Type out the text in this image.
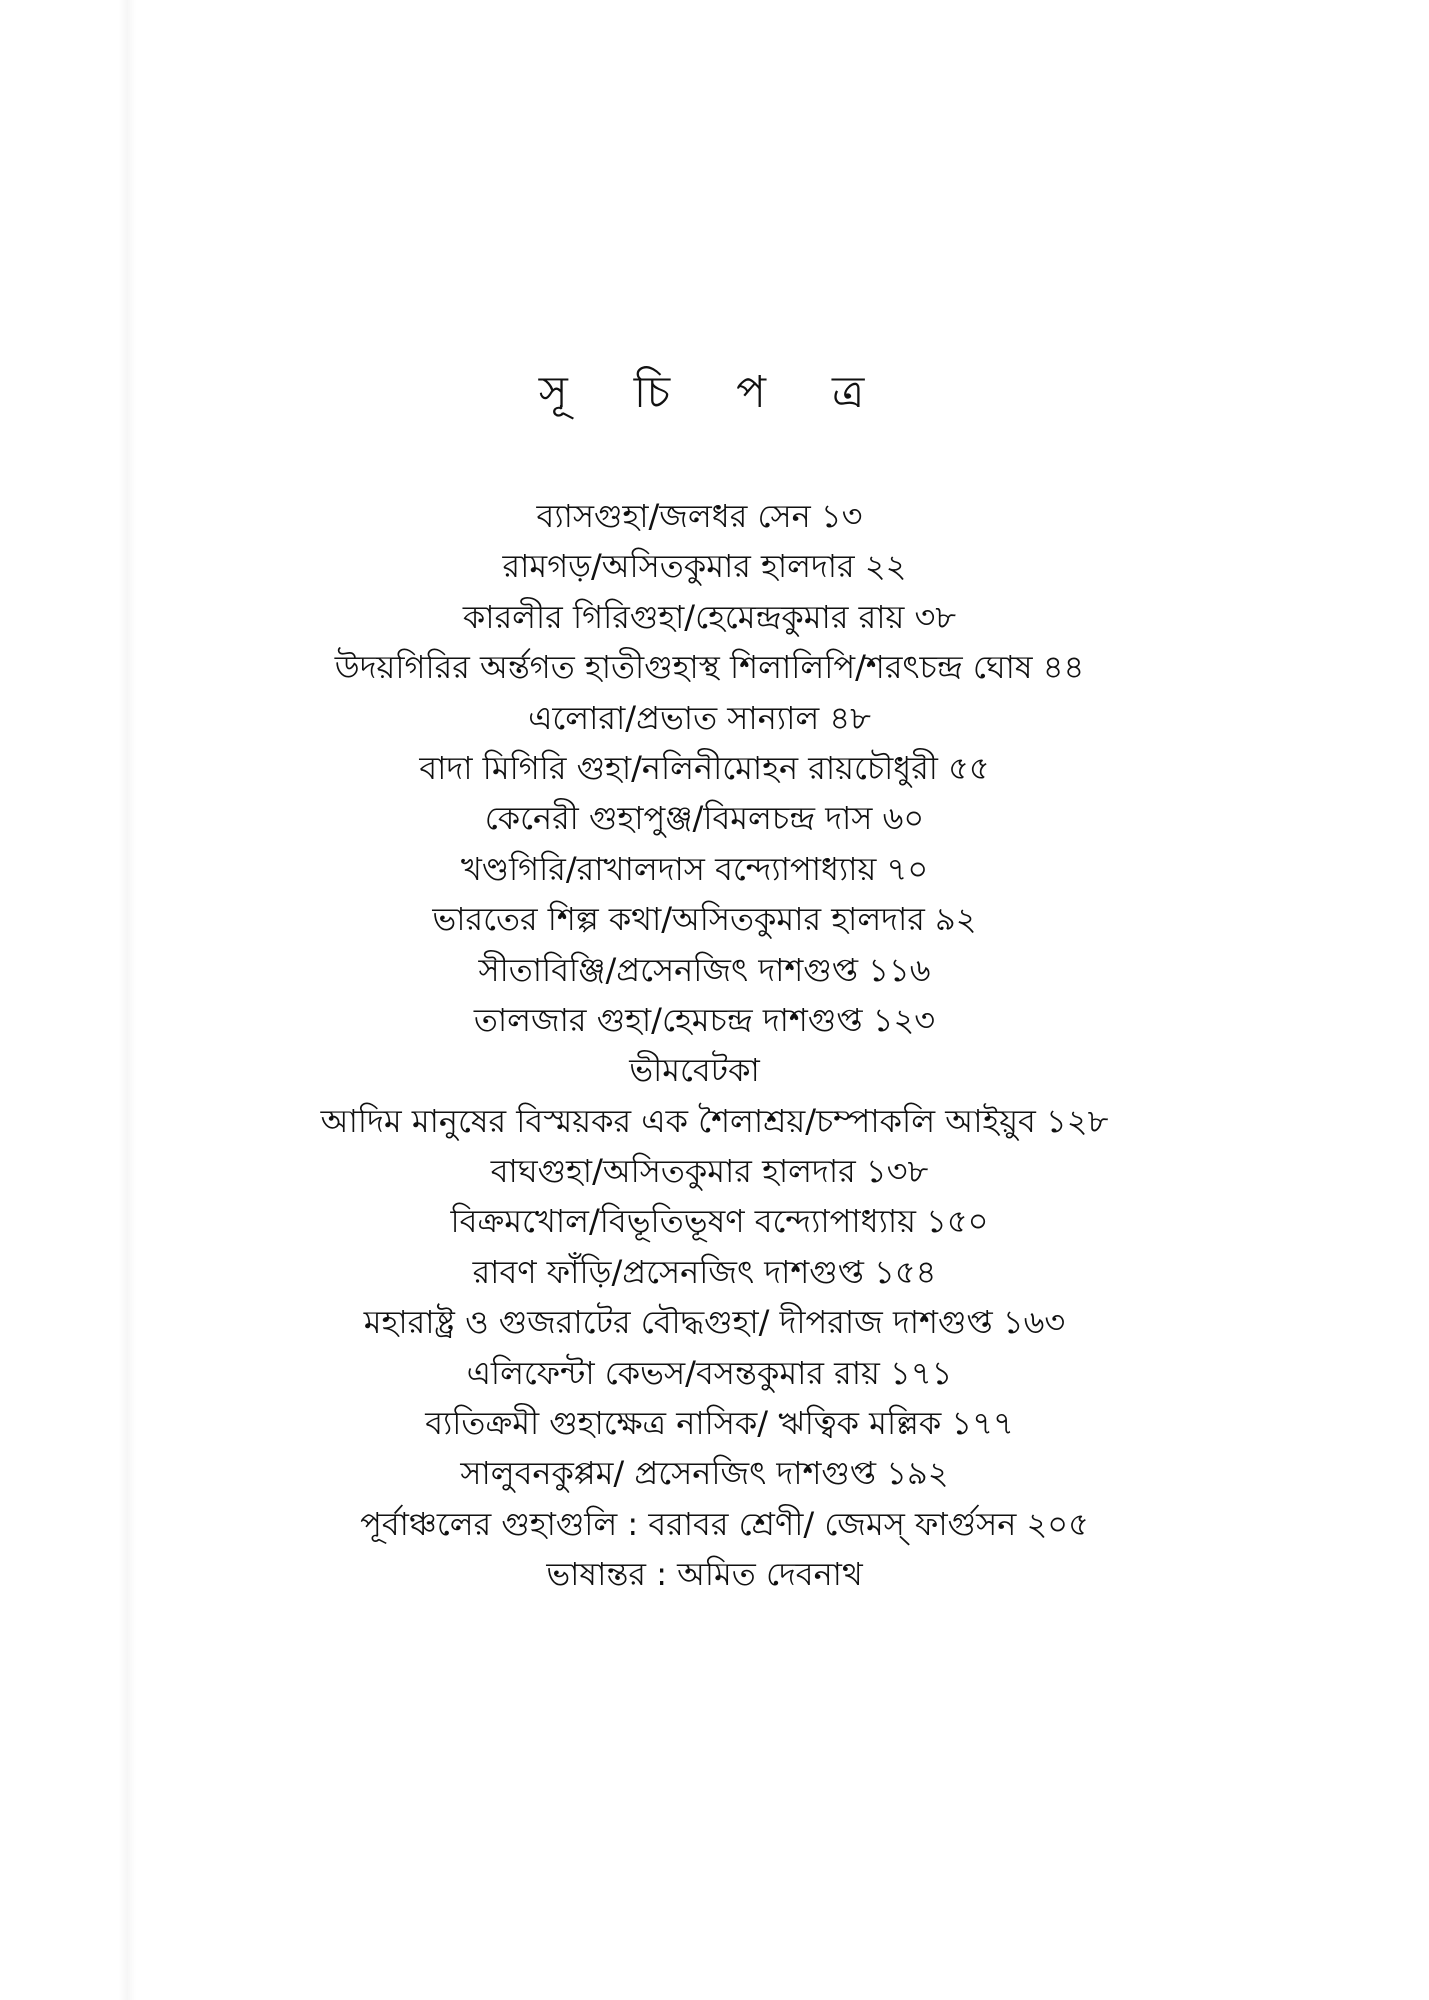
সূ চি প ত্র
ব্যাসগুহা/জলধর সেন ১৩
রামগড়/অসিতকুমার হালদার ২২
কারলীর গিরিগুহা/হেমেন্দ্রকুমার রায় ৩৮
উদয়গিরির অর্ন্তগত হাতীগুহাস্থ শিলালিপি/শরৎচন্দ্র ঘোষ ৪৪
এলোরা/প্রভাত সান্যাল ৪৮
বাদা মিগিরি গুহা/নলিনীমোহন রায়চৌধুরী ৫৫
কেনেরী গুহাপুঞ্জ/বিমলচন্দ্র দাস ৬০
খণ্ডগিরি/রাখালদাস বন্দ্যোপাধ্যায় ৭০
ভারতের শিল্প কথা/অসিতকুমার হালদার ৯২
সীতাবিঞ্জি/প্রসেনজিৎ দাশগুপ্ত ১১৬
তালজার গুহা/হেমচন্দ্র দাশগুপ্ত ১২৩
ভীমবেটকা
আদিম মানুষের বিস্ময়কর এক শৈলাশ্রয়/চম্পাকলি আইয়ুব ১২৮
বাঘগুহা/অসিতকুমার হালদার ১৩৮
বিক্রমখোল/বিভূতিভূষণ বন্দ্যোপাধ্যায় ১৫০
রাবণ ফাঁড়ি/প্রসেনজিৎ দাশগুপ্ত ১৫৪
মহারাষ্ট্র ও গুজরাটের বৌদ্ধগুহা/ দীপরাজ দাশগুপ্ত ১৬৩
এলিফেন্টা কেভস/বসন্তকুমার রায় ১৭১
ব্যতিক্রমী গুহাক্ষেত্র নাসিক/ ঋত্বিক মল্লিক ১৭৭
সালুবনকুপ্পম/ প্রসেনজিৎ দাশগুপ্ত ১৯২
পূর্বাঞ্চলের গুহাগুলি : বরাবর শ্রেণী/ জেমস্ ফার্গুসন ২০৫
ভাষান্তর : অমিত দেবনাথ
